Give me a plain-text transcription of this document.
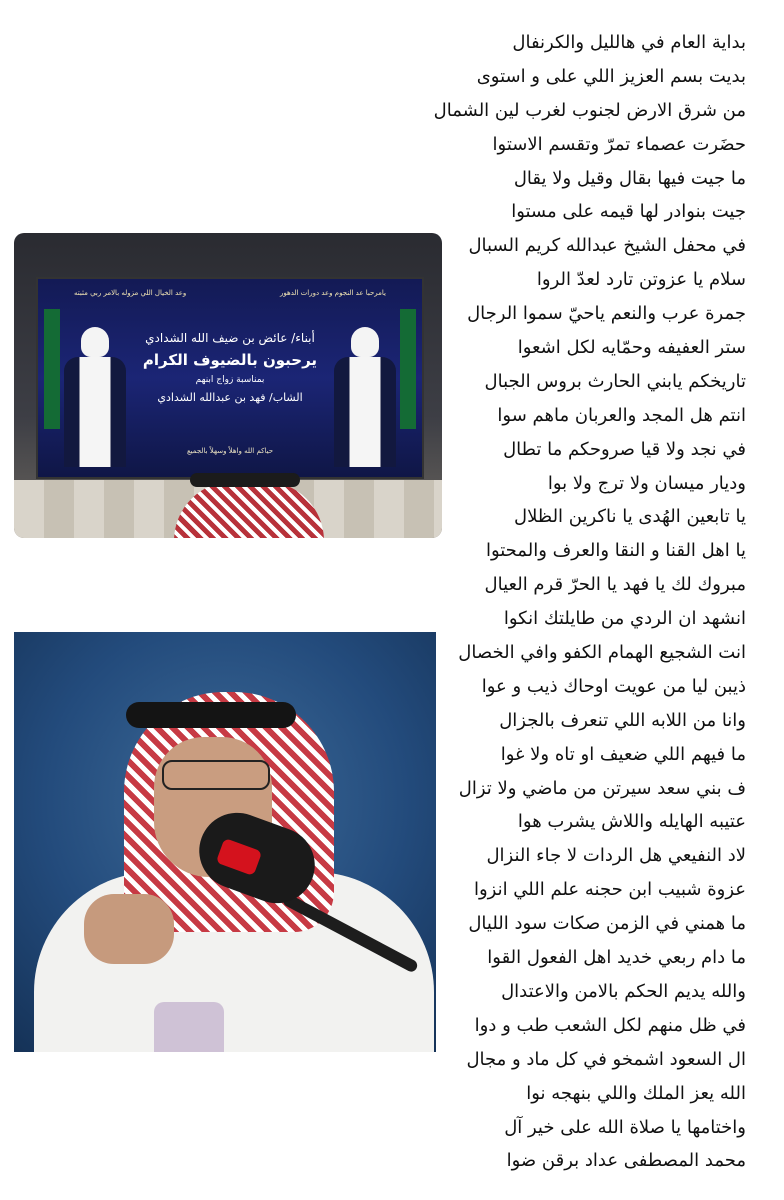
بداية العام في هالليل والكرنفال
بديت بسم العزيز اللي على و استوى
من شرق الارض لجنوب لغرب لين الشمال
حضَرت عصماء تمرّ وتقسم الاستوا
ما جيت فيها بقال وقيل ولا يقال
جيت بنوادر لها قيمه على مستوا
في محفل الشيخ عبدالله كريم السبال
سلام يا عزوتن تارد لعدّ الروا
جمرة عرب والنعم ياحيّ سموا الرجال
ستر العفيفه وحمّايه لكل اشعوا
تاريخكم يابني الحارث بروس الجبال
انتم هل المجد والعربان ماهم سوا
في نجد ولا قيا صروحكم ما تطال
وديار ميسان ولا ترج ولا بوا
يا تابعين الهُدى يا ناكرين الظلال
يا اهل القنا و النقا والعرف والمحتوا
مبروك لك يا فهد يا الحرّ قرم العيال
انشهد ان الردي من طايلتك انكوا
انت الشجيع الهمام الكفو وافي الخصال
ذيبن ليا من عويت اوحاك ذيب و عوا
وانا من اللابه اللي تنعرف بالجزال
ما فيهم اللي ضعيف او تاه ولا غوا
ف بني سعد سيرتن من ماضي ولا تزال
عتيبه الهايله واللاش يشرب هوا
لاد النفيعي هل الردات لا جاء النزال
عزوة شبيب ابن حجنه علم اللي انزوا
ما همني في الزمن صكات سود الليال
ما دام ربعي خديد اهل الفعول القوا
والله يديم الحكم بالامن والاعتدال
في ظل منهم لكل الشعب طب و دوا
ال السعود اشمخو في كل ماد و مجال
الله يعز الملك واللي بنهجه نوا
واختامها يا صلاة الله على خير آل
محمد المصطفى عداد برقن ضوا
يامرحبا عد النجوم وعد دورات الدهور
وعد الخيال اللي مزوله بالامر ربي مثبته
أبناء/ عائض بن ضيف الله الشدادي
يرحبون بالضيوف الكرام
بمناسبة زواج ابنهم
الشاب/ فهد بن عبدالله الشدادي
حياكم الله واهلاً وسهلاً بالجميع
